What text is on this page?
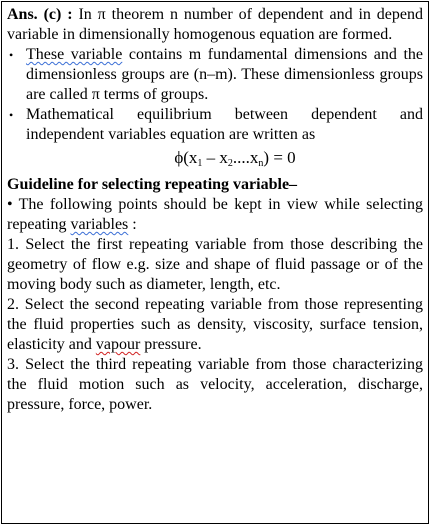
Ans. (c) : In π theorem n number of dependent and in depend variable in dimensionally homogenous equation are formed.

• These variable contains m fundamental dimensions and the dimensionless groups are (n–m). These dimensionless groups are called π terms of groups.

• Mathematical equilibrium between dependent and independent variables equation are written as

$\phi(x_1 - x_2....x_n) = 0$

Guideline for selecting repeating variable–

• The following points should be kept in view while selecting repeating variables :

1. Select the first repeating variable from those describing the geometry of flow e.g. size and shape of fluid passage or of the moving body such as diameter, length, etc.

2. Select the second repeating variable from those representing the fluid properties such as density, viscosity, surface tension, elasticity and vapour pressure.

3. Select the third repeating variable from those characterizing the fluid motion such as velocity, acceleration, discharge, pressure, force, power.
